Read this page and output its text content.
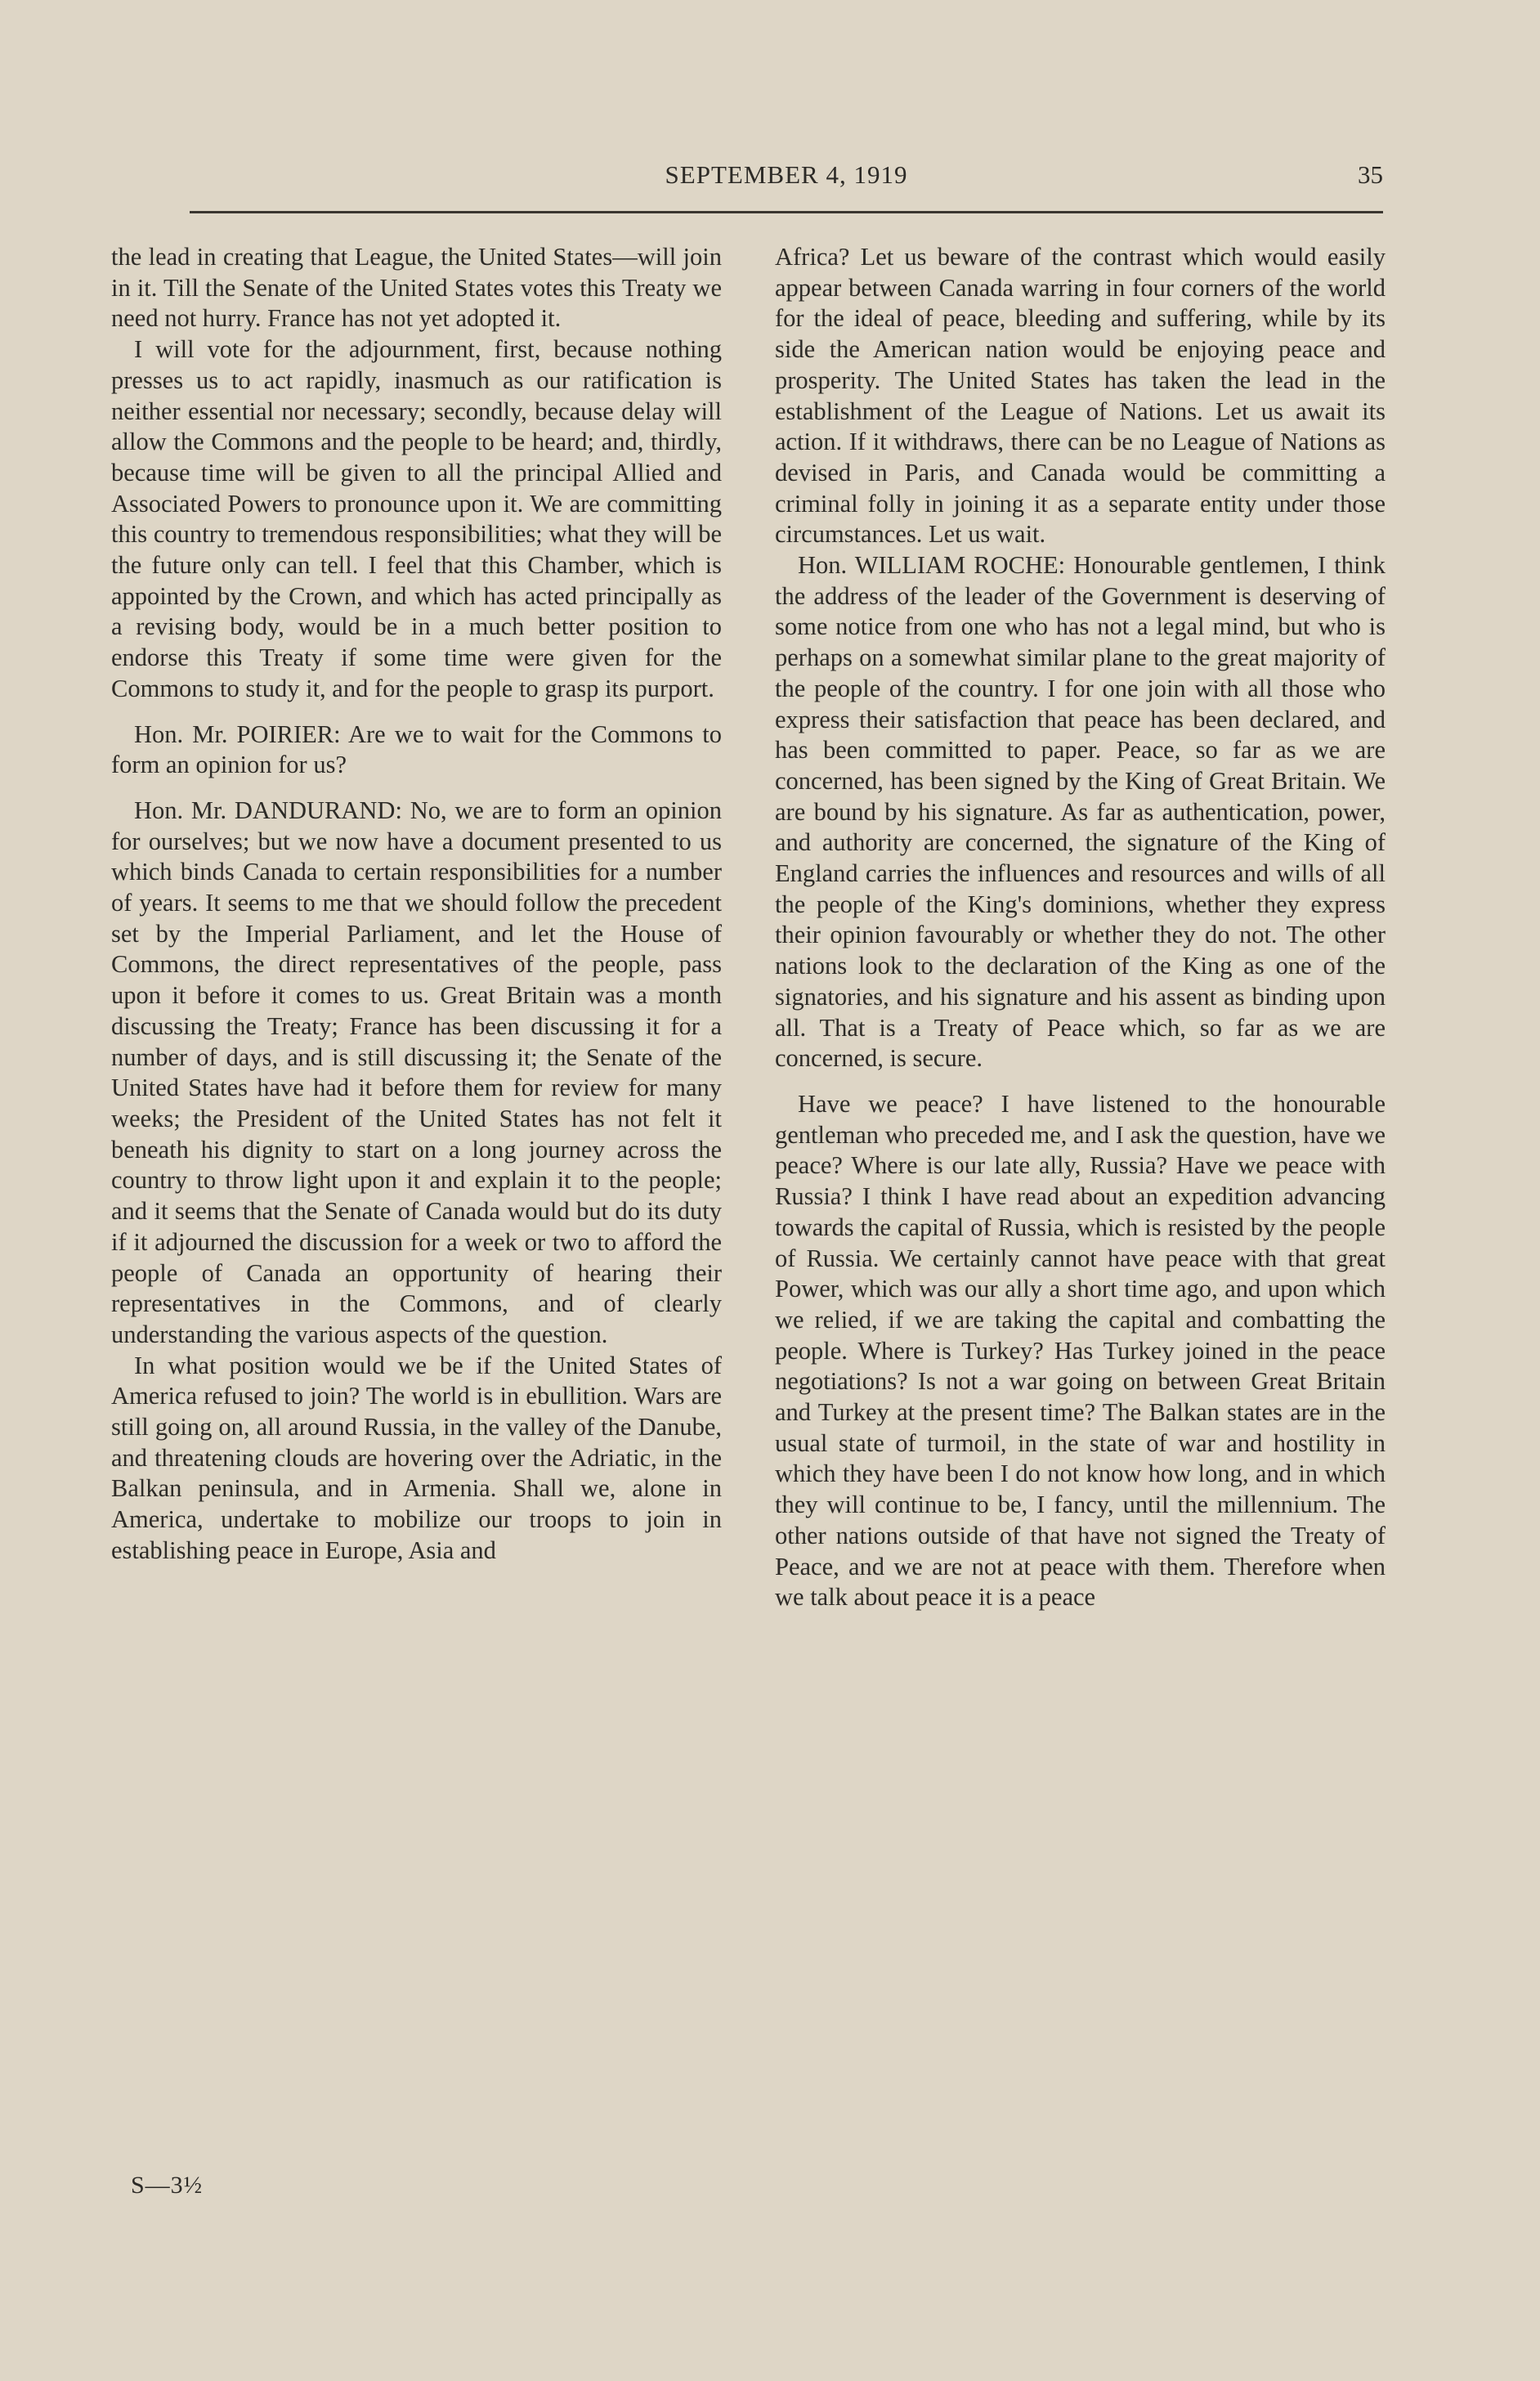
SEPTEMBER 4, 1919	35

the lead in creating that League, the United States—will join in it. Till the Senate of the United States votes this Treaty we need not hurry. France has not yet adopted it.

I will vote for the adjournment, first, because nothing presses us to act rapidly, inasmuch as our ratification is neither essential nor necessary; secondly, because delay will allow the Commons and the people to be heard; and, thirdly, because time will be given to all the principal Allied and Associated Powers to pronounce upon it. We are committing this country to tremendous responsibilities; what they will be the future only can tell. I feel that this Chamber, which is appointed by the Crown, and which has acted principally as a revising body, would be in a much better position to endorse this Treaty if some time were given for the Commons to study it, and for the people to grasp its purport.

Hon. Mr. POIRIER: Are we to wait for the Commons to form an opinion for us?

Hon. Mr. DANDURAND: No, we are to form an opinion for ourselves; but we now have a document presented to us which binds Canada to certain responsibilities for a number of years. It seems to me that we should follow the precedent set by the Imperial Parliament, and let the House of Commons, the direct representatives of the people, pass upon it before it comes to us. Great Britain was a month discussing the Treaty; France has been discussing it for a number of days, and is still discussing it; the Senate of the United States have had it before them for review for many weeks; the President of the United States has not felt it beneath his dignity to start on a long journey across the country to throw light upon it and explain it to the people; and it seems that the Senate of Canada would but do its duty if it adjourned the discussion for a week or two to afford the people of Canada an opportunity of hearing their representatives in the Commons, and of clearly understanding the various aspects of the question.

In what position would we be if the United States of America refused to join? The world is in ebullition. Wars are still going on, all around Russia, in the valley of the Danube, and threatening clouds are hovering over the Adriatic, in the Balkan peninsula, and in Armenia. Shall we, alone in America, undertake to mobilize our troops to join in establishing peace in Europe, Asia and

Africa? Let us beware of the contrast which would easily appear between Canada warring in four corners of the world for the ideal of peace, bleeding and suffering, while by its side the American nation would be enjoying peace and prosperity. The United States has taken the lead in the establishment of the League of Nations. Let us await its action. If it withdraws, there can be no League of Nations as devised in Paris, and Canada would be committing a criminal folly in joining it as a separate entity under those circumstances. Let us wait.

Hon. WILLIAM ROCHE: Honourable gentlemen, I think the address of the leader of the Government is deserving of some notice from one who has not a legal mind, but who is perhaps on a somewhat similar plane to the great majority of the people of the country. I for one join with all those who express their satisfaction that peace has been declared, and has been committed to paper. Peace, so far as we are concerned, has been signed by the King of Great Britain. We are bound by his signature. As far as authentication, power, and authority are concerned, the signature of the King of England carries the influences and resources and wills of all the people of the King's dominions, whether they express their opinion favourably or whether they do not. The other nations look to the declaration of the King as one of the signatories, and his signature and his assent as binding upon all. That is a Treaty of Peace which, so far as we are concerned, is secure.

Have we peace? I have listened to the honourable gentleman who preceded me, and I ask the question, have we peace? Where is our late ally, Russia? Have we peace with Russia? I think I have read about an expedition advancing towards the capital of Russia, which is resisted by the people of Russia. We certainly cannot have peace with that great Power, which was our ally a short time ago, and upon which we relied, if we are taking the capital and combatting the people. Where is Turkey? Has Turkey joined in the peace negotiations? Is not a war going on between Great Britain and Turkey at the present time? The Balkan states are in the usual state of turmoil, in the state of war and hostility in which they have been I do not know how long, and in which they will continue to be, I fancy, until the millennium. The other nations outside of that have not signed the Treaty of Peace, and we are not at peace with them. Therefore when we talk about peace it is a peace

S—3½
